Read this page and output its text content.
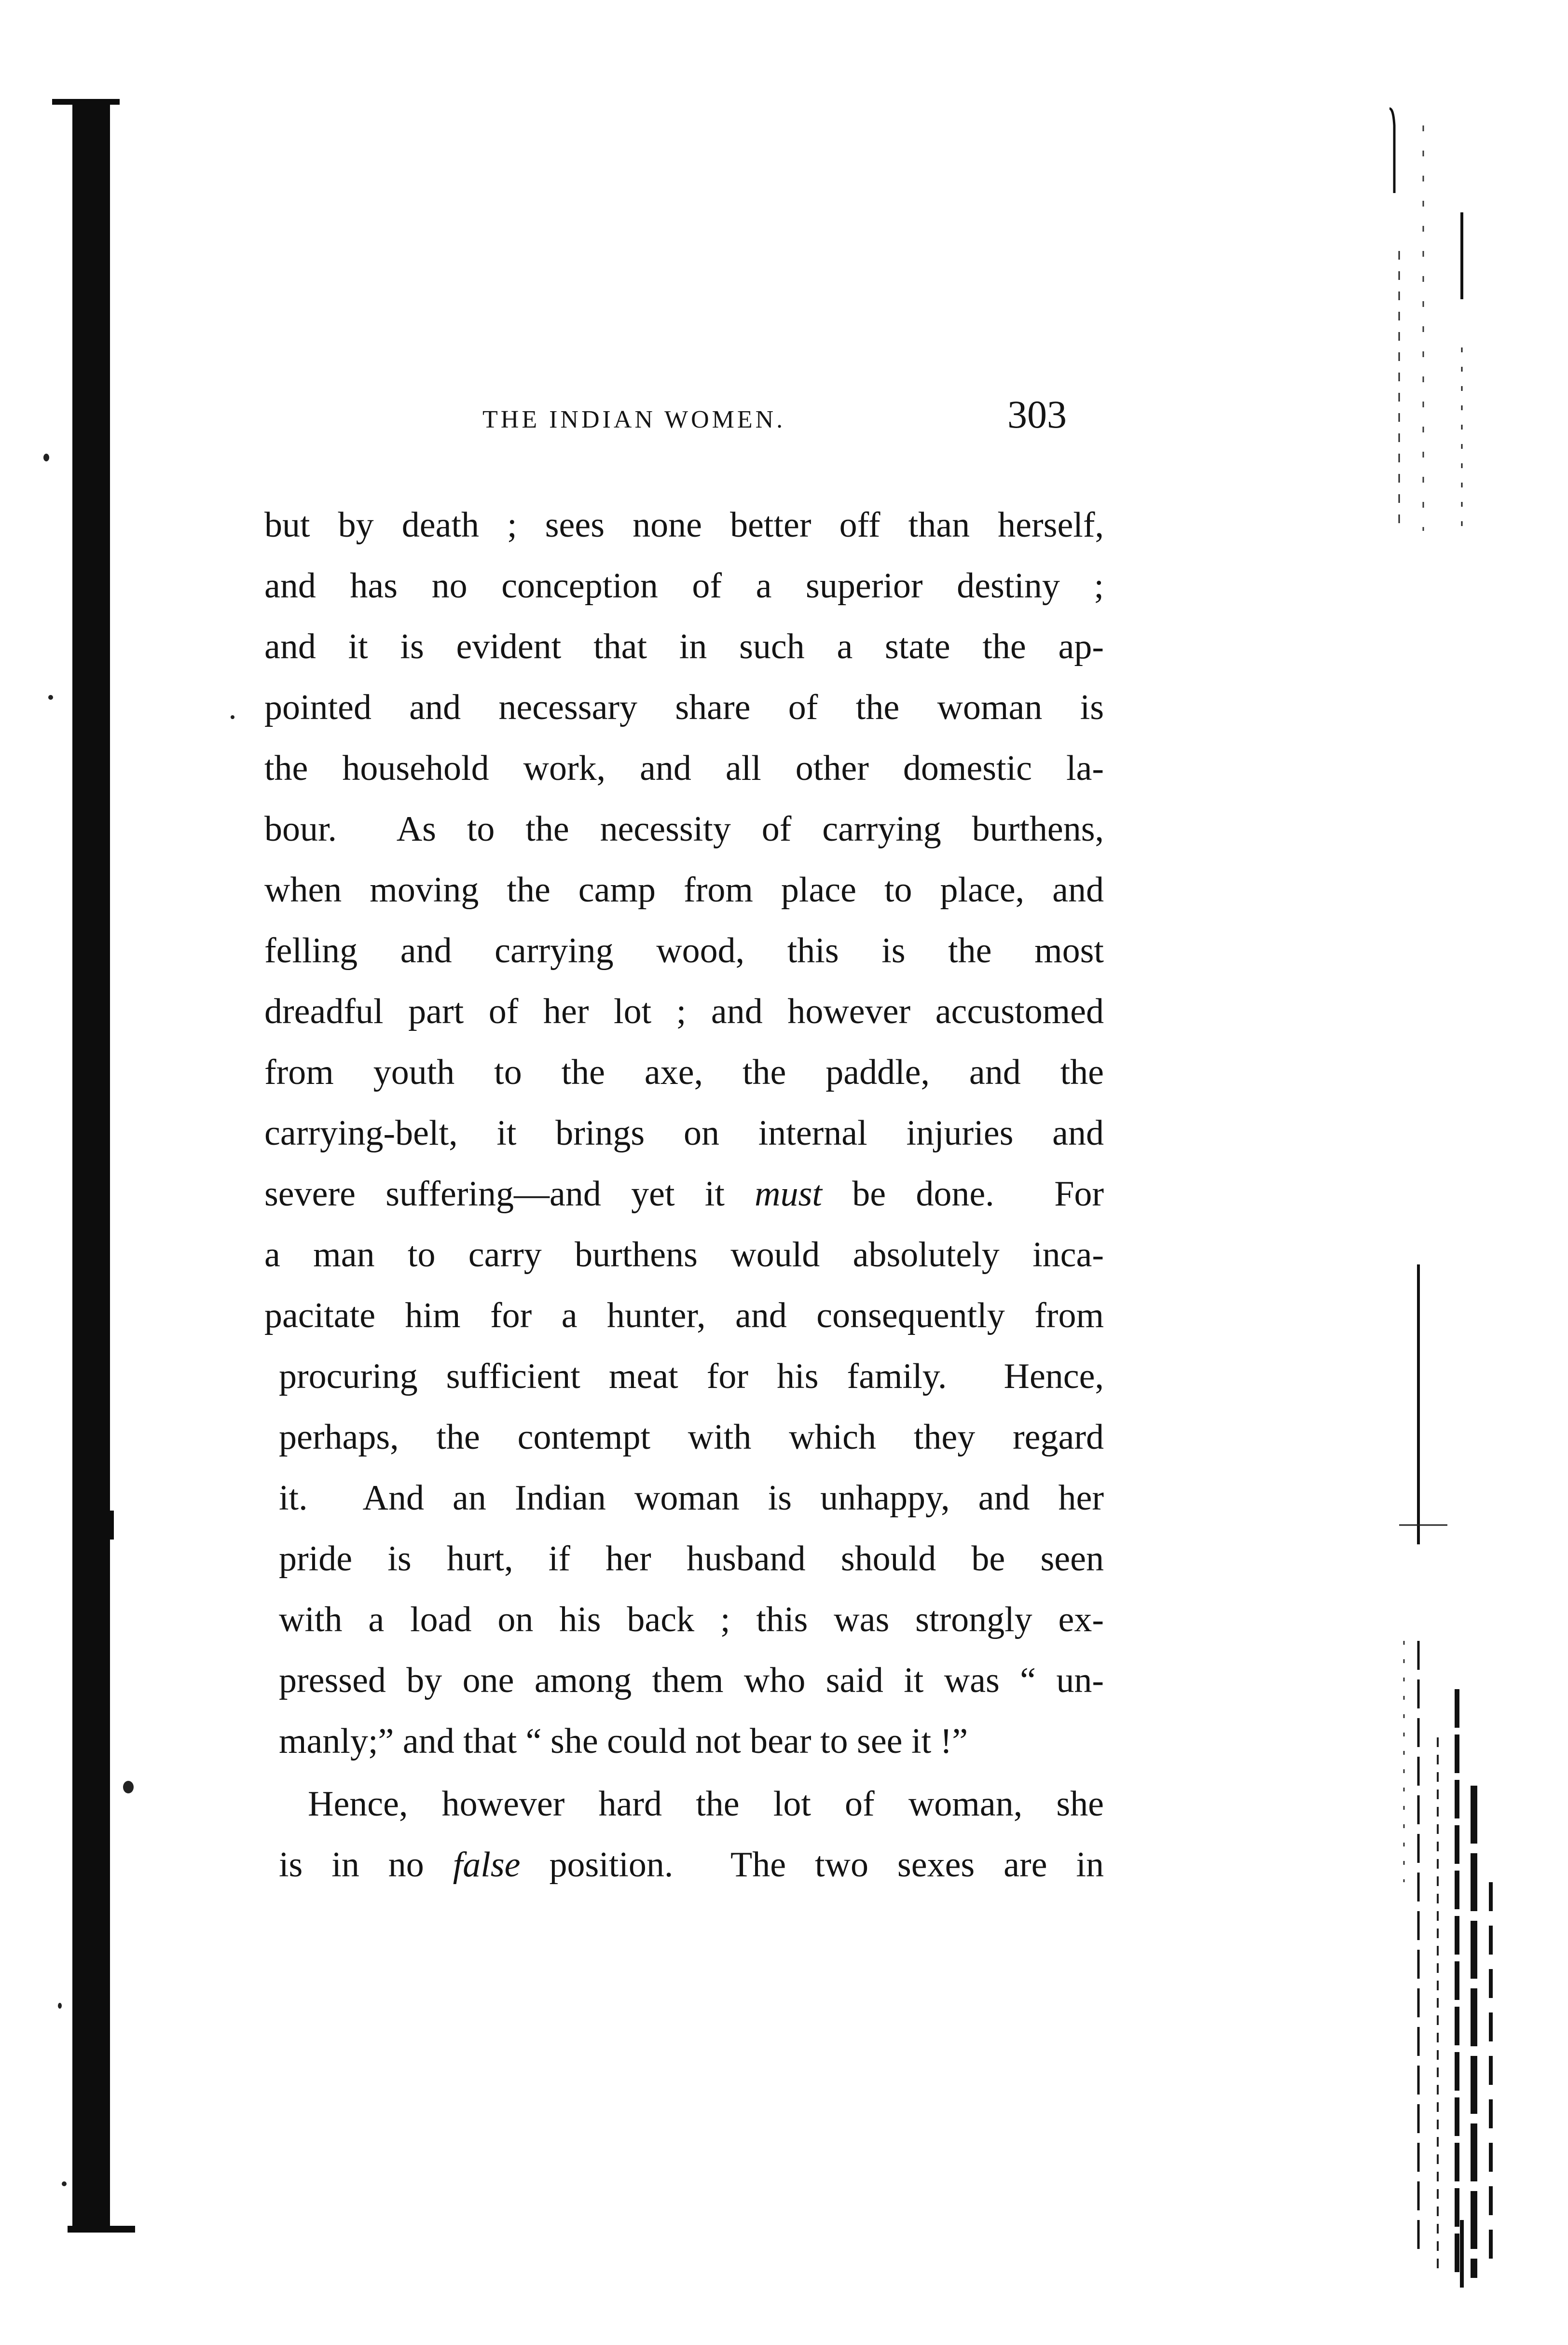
THE INDIAN WOMEN.	303
but by death ; sees none better off than herself,
and has no conception of a superior destiny ;
and it is evident that in such a state the ap-
pointed and necessary share of the woman is
the household work, and all other domestic la-
bour.  As to the necessity of carrying burthens,
when moving the camp from place to place, and
felling and carrying wood, this is the most
dreadful part of her lot ; and however accustomed
from youth to the axe, the paddle, and the
carrying-belt, it brings on internal injuries and
severe suffering—and yet it must be done.  For
a man to carry burthens would absolutely inca-
pacitate him for a hunter, and consequently from
procuring sufficient meat for his family.  Hence,
perhaps, the contempt with which they regard
it.  And an Indian woman is unhappy, and her
pride is hurt, if her husband should be seen
with a load on his back ; this was strongly ex-
pressed by one among them who said it was “ un-
manly;” and that “ she could not bear to see it !”
Hence, however hard the lot of woman, she
is in no false position.  The two sexes are in
